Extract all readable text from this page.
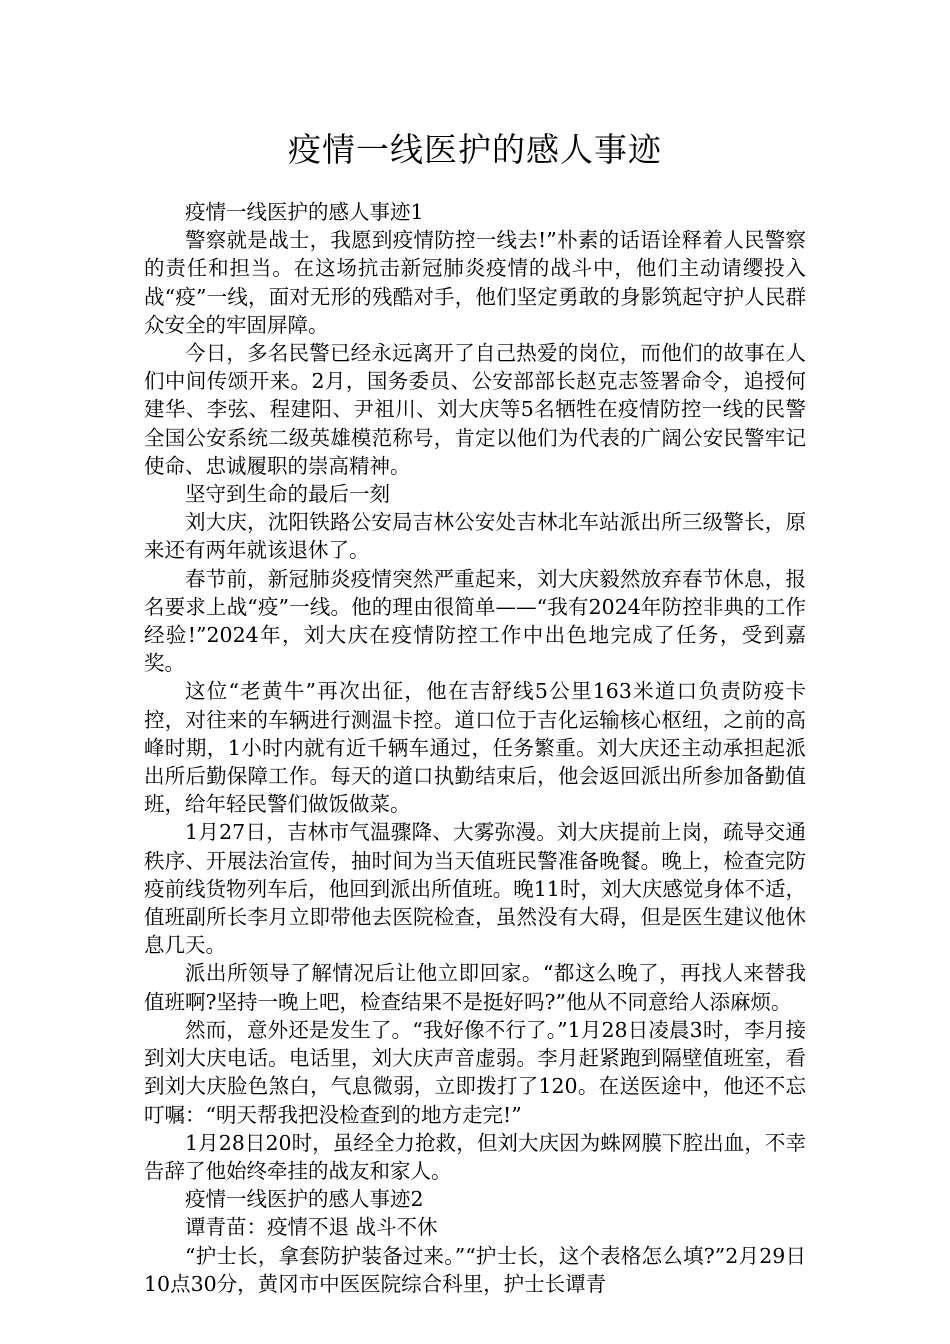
疫情一线医护的感人事迹

疫情一线医护的感人事迹1

警察就是战士，我愿到疫情防控一线去!”朴素的话语诠释着人民警察的责任和担当。在这场抗击新冠肺炎疫情的战斗中，他们主动请缨投入战“疫”一线，面对无形的残酷对手，他们坚定勇敢的身影筑起守护人民群众安全的牢固屏障。

今日，多名民警已经永远离开了自己热爱的岗位，而他们的故事在人们中间传颂开来。2月，国务委员、公安部部长赵克志签署命令，追授何建华、李弦、程建阳、尹祖川、刘大庆等5名牺牲在疫情防控一线的民警全国公安系统二级英雄模范称号，肯定以他们为代表的广阔公安民警牢记使命、忠诚履职的崇高精神。

坚守到生命的最后一刻

刘大庆，沈阳铁路公安局吉林公安处吉林北车站派出所三级警长，原来还有两年就该退休了。

春节前，新冠肺炎疫情突然严重起来，刘大庆毅然放弃春节休息，报名要求上战“疫”一线。他的理由很简单——“我有2024年防控非典的工作经验!”2024年，刘大庆在疫情防控工作中出色地完成了任务，受到嘉奖。

这位“老黄牛”再次出征，他在吉舒线5公里163米道口负责防疫卡控，对往来的车辆进行测温卡控。道口位于吉化运输核心枢纽，之前的高峰时期，1小时内就有近千辆车通过，任务繁重。刘大庆还主动承担起派出所后勤保障工作。每天的道口执勤结束后，他会返回派出所参加备勤值班，给年轻民警们做饭做菜。

1月27日，吉林市气温骤降、大雾弥漫。刘大庆提前上岗，疏导交通秩序、开展法治宣传，抽时间为当天值班民警准备晚餐。晚上，检查完防疫前线货物列车后，他回到派出所值班。晚11时，刘大庆感觉身体不适，值班副所长李月立即带他去医院检查，虽然没有大碍，但是医生建议他休息几天。

派出所领导了解情况后让他立即回家。“都这么晚了，再找人来替我值班啊?坚持一晚上吧，检查结果不是挺好吗?”他从不同意给人添麻烦。

然而，意外还是发生了。“我好像不行了。”1月28日凌晨3时，李月接到刘大庆电话。电话里，刘大庆声音虚弱。李月赶紧跑到隔壁值班室，看到刘大庆脸色煞白，气息微弱，立即拨打了120。在送医途中，他还不忘叮嘱：“明天帮我把没检查到的地方走完!”

1月28日20时，虽经全力抢救，但刘大庆因为蛛网膜下腔出血，不幸告辞了他始终牵挂的战友和家人。

疫情一线医护的感人事迹2

谭青苗：疫情不退 战斗不休

“护士长，拿套防护装备过来。”“护士长，这个表格怎么填?”2月29日10点30分，黄冈市中医医院综合科里，护士长谭青
